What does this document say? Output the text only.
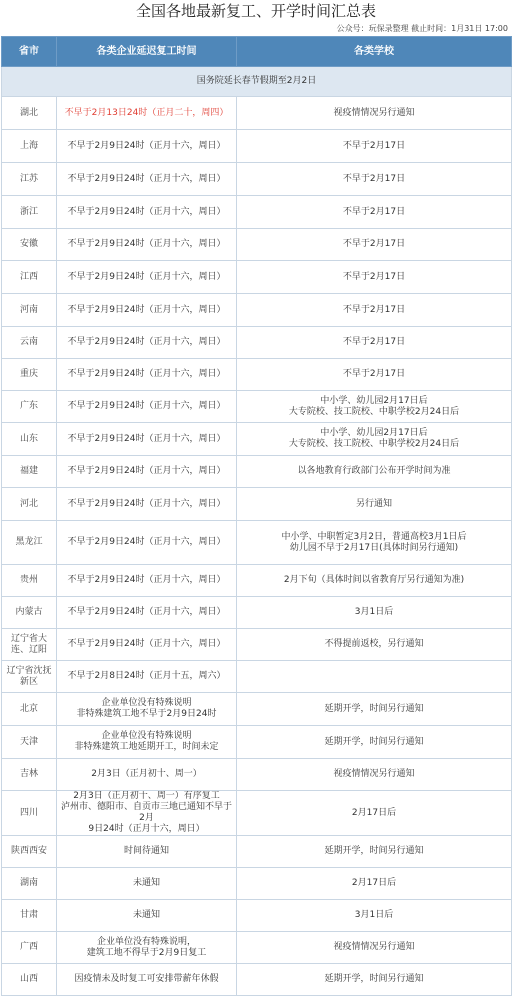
全国各地最新复工、开学时间汇总表
公众号：玩保录整理 截止时间：1月31日 17:00
省市	各类企业延迟复工时间	各类学校
国务院延长春节假期至2月2日		
湖北	不早于2月13日24时（正月二十，周四）	视疫情情况另行通知

上海	不早于2月9日24时（正月十六，周日）	不早于2月17日

江苏	不早于2月9日24时（正月十六，周日）	不早于2月17日

浙江	不早于2月9日24时（正月十六，周日）	不早于2月17日

安徽	不早于2月9日24时（正月十六，周日）	不早于2月17日

江西	不早于2月9日24时（正月十六，周日）	不早于2月17日

河南	不早于2月9日24时（正月十六，周日）	不早于2月17日

云南	不早于2月9日24时（正月十六，周日）	不早于2月17日

重庆	不早于2月9日24时（正月十六，周日）	不早于2月17日

广东	不早于2月9日24时（正月十六，周日）	中小学、幼儿园2月17日后
大专院校、技工院校、中职学校2月24日后

山东	不早于2月9日24时（正月十六，周日）	中小学、幼儿园2月17日后
大专院校、技工院校、中职学校2月24日后

福建	不早于2月9日24时（正月十六，周日）	以各地教育行政部门公布开学时间为准

河北	不早于2月9日24时（正月十六，周日）	另行通知

黑龙江	不早于2月9日24时（正月十六，周日）	中小学、中职暂定3月2日，普通高校3月1日后
幼儿园不早于2月17日(具体时间另行通知)

贵州	不早于2月9日24时（正月十六，周日）	2月下旬（具体时间以省教育厅另行通知为准)

内蒙古	不早于2月9日24时（正月十六，周日）	3月1日后

辽宁省大连、辽阳	不早于2月9日24时（正月十六，周日）	不得提前返校，另行通知

辽宁省沈抚新区	不早于2月8日24时（正月十五，周六）	

北京	企业单位没有特殊说明
非特殊建筑工地不早于2月9日24时	延期开学，时间另行通知

天津	企业单位没有特殊说明
非特殊建筑工地延期开工，时间未定	延期开学，时间另行通知

吉林	2月3日（正月初十、周一）	视疫情情况另行通知

四川	2月3日（正月初十、周一）有序复工
泸州市、德阳市、自贡市三地已通知不早于2月
9日24时（正月十六，周日）	2月17日后

陕西西安	时间待通知	延期开学，时间另行通知

湖南	未通知	2月17日后

甘肃	未通知	3月1日后

广西	企业单位没有特殊说明，
建筑工地不得早于2月9日复工	视疫情情况另行通知

山西	因疫情未及时复工可安排带薪年休假	延期开学，时间另行通知
